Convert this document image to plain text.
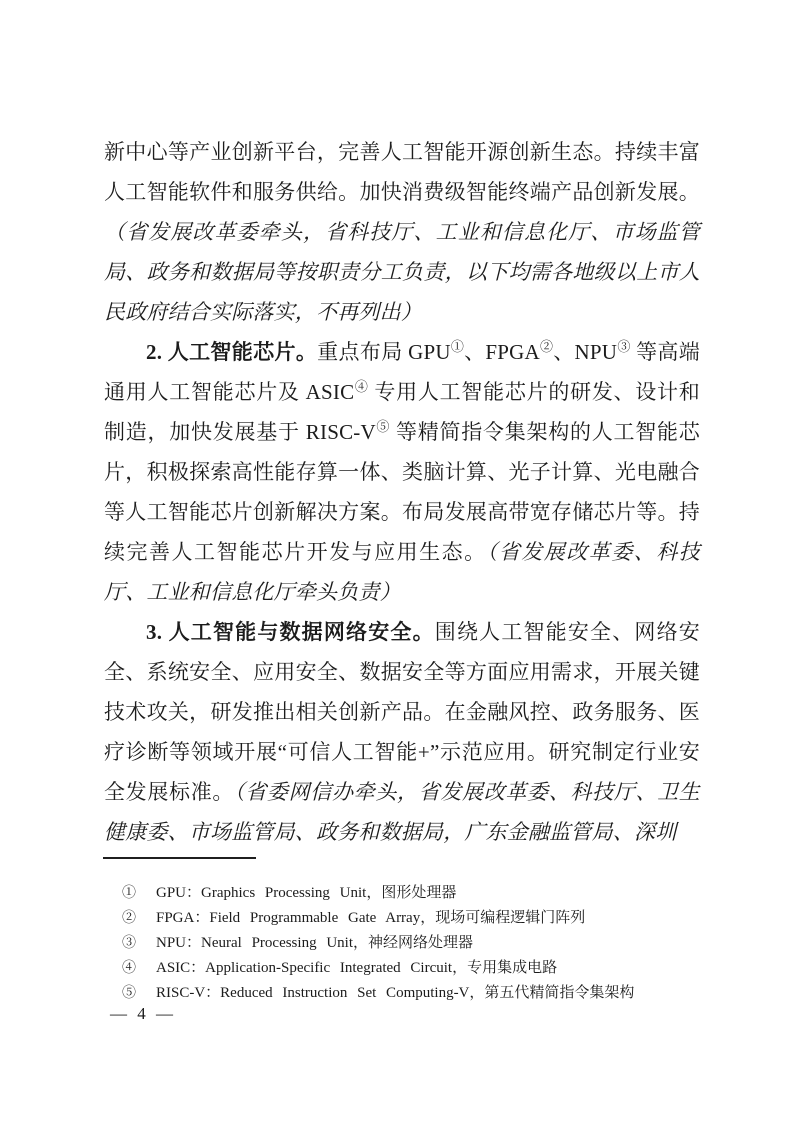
新中心等产业创新平台，完善人工智能开源创新生态。持续丰富人工智能软件和服务供给。加快消费级智能终端产品创新发展。（省发展改革委牵头，省科技厅、工业和信息化厅、市场监管局、政务和数据局等按职责分工负责，以下均需各地级以上市人民政府结合实际落实，不再列出）

2. 人工智能芯片。重点布局 GPU①、FPGA②、NPU③ 等高端通用人工智能芯片及 ASIC④ 专用人工智能芯片的研发、设计和制造，加快发展基于 RISC-V⑤ 等精简指令集架构的人工智能芯片，积极探索高性能存算一体、类脑计算、光子计算、光电融合等人工智能芯片创新解决方案。布局发展高带宽存储芯片等。持续完善人工智能芯片开发与应用生态。（省发展改革委、科技厅、工业和信息化厅牵头负责）

3. 人工智能与数据网络安全。围绕人工智能安全、网络安全、系统安全、应用安全、数据安全等方面应用需求，开展关键技术攻关，研发推出相关创新产品。在金融风控、政务服务、医疗诊断等领域开展“可信人工智能+”示范应用。研究制定行业安全发展标准。（省委网信办牵头，省发展改革委、科技厅、卫生健康委、市场监管局、政务和数据局，广东金融监管局、深圳

①	GPU：Graphics Processing Unit，图形处理器
②	FPGA：Field Programmable Gate Array，现场可编程逻辑门阵列
③	NPU：Neural Processing Unit，神经网络处理器
④	ASIC：Application-Specific Integrated Circuit，专用集成电路
⑤	RISC-V：Reduced Instruction Set Computing-V，第五代精简指令集架构
— 4 —
